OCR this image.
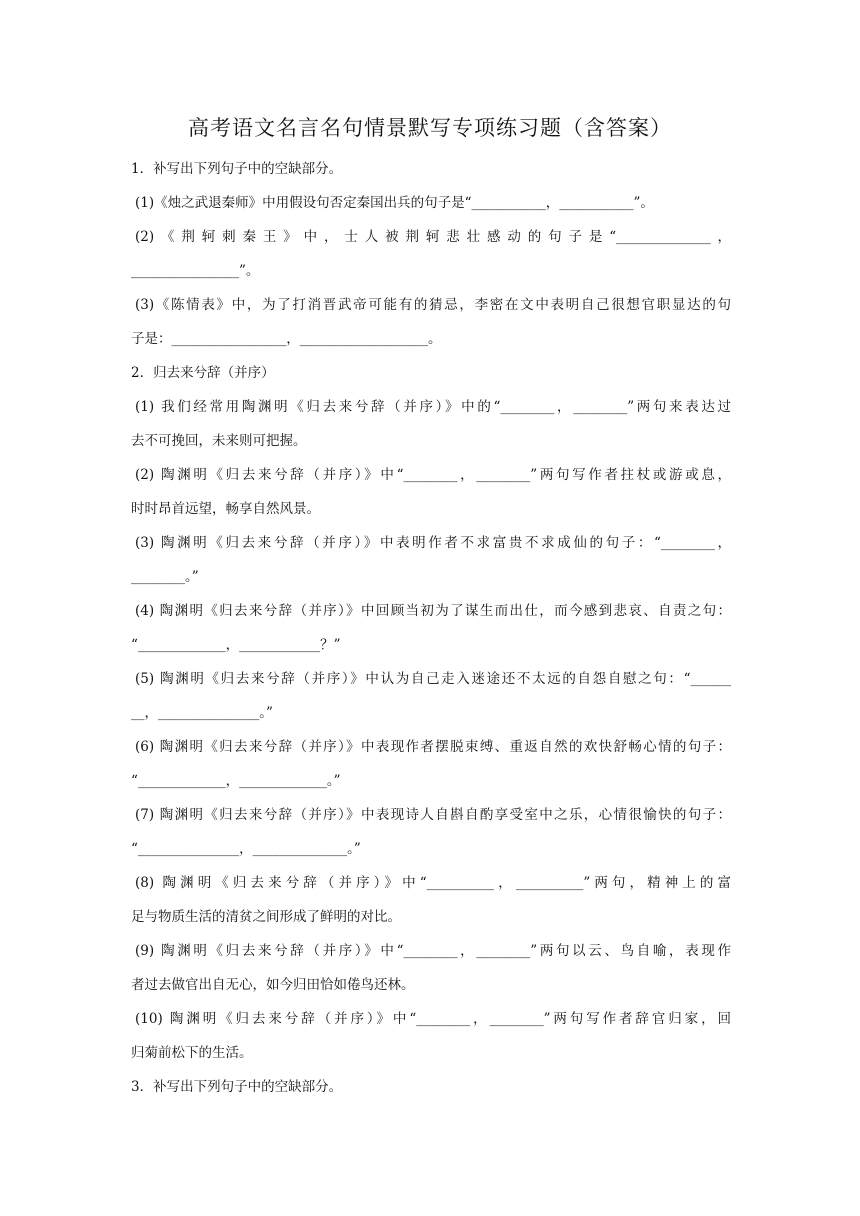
高考语文名言名句情景默写专项练习题（含答案）
1．补写出下列句子中的空缺部分。
(1)《烛之武退秦师》中用假设句否定秦国出兵的句子是“___________，___________”。
(2)《荆轲刺秦王》中，士人被荆轲悲壮感动的句子是“______________，
________________”。
(3)《陈情表》中，为了打消晋武帝可能有的猜忌，李密在文中表明自己很想官职显达的句
子是：_________________，___________________。
2．归去来兮辞（并序）
(1) 我们经常用陶渊明《归去来兮辞（并序）》中的“________，________”两句来表达过
去不可挽回，未来则可把握。
(2) 陶渊明《归去来兮辞（并序）》中“________，________”两句写作者拄杖或游或息，
时时昂首远望，畅享自然风景。
(3) 陶渊明《归去来兮辞（并序）》中表明作者不求富贵不求成仙的句子：“________，
________。”
(4) 陶渊明《归去来兮辞（并序）》中回顾当初为了谋生而出仕，而今感到悲哀、自责之句：
“_____________，____________？”
(5) 陶渊明《归去来兮辞（并序）》中认为自己走入迷途还不太远的自怨自慰之句：“______
__，_______________。”
(6) 陶渊明《归去来兮辞（并序）》中表现作者摆脱束缚、重返自然的欢快舒畅心情的句子：
“_____________，_____________。”
(7) 陶渊明《归去来兮辞（并序）》中表现诗人自斟自酌享受室中之乐，心情很愉快的句子：
“_______________，______________。”
(8) 陶渊明《归去来兮辞（并序）》中“__________，__________”两句，精神上的富
足与物质生活的清贫之间形成了鲜明的对比。
(9) 陶渊明《归去来兮辞（并序）》中“________，________”两句以云、鸟自喻，表现作
者过去做官出自无心，如今归田恰如倦鸟还林。
(10) 陶渊明《归去来兮辞（并序）》中“________，________”两句写作者辞官归家，回
归菊前松下的生活。
3．补写出下列句子中的空缺部分。
